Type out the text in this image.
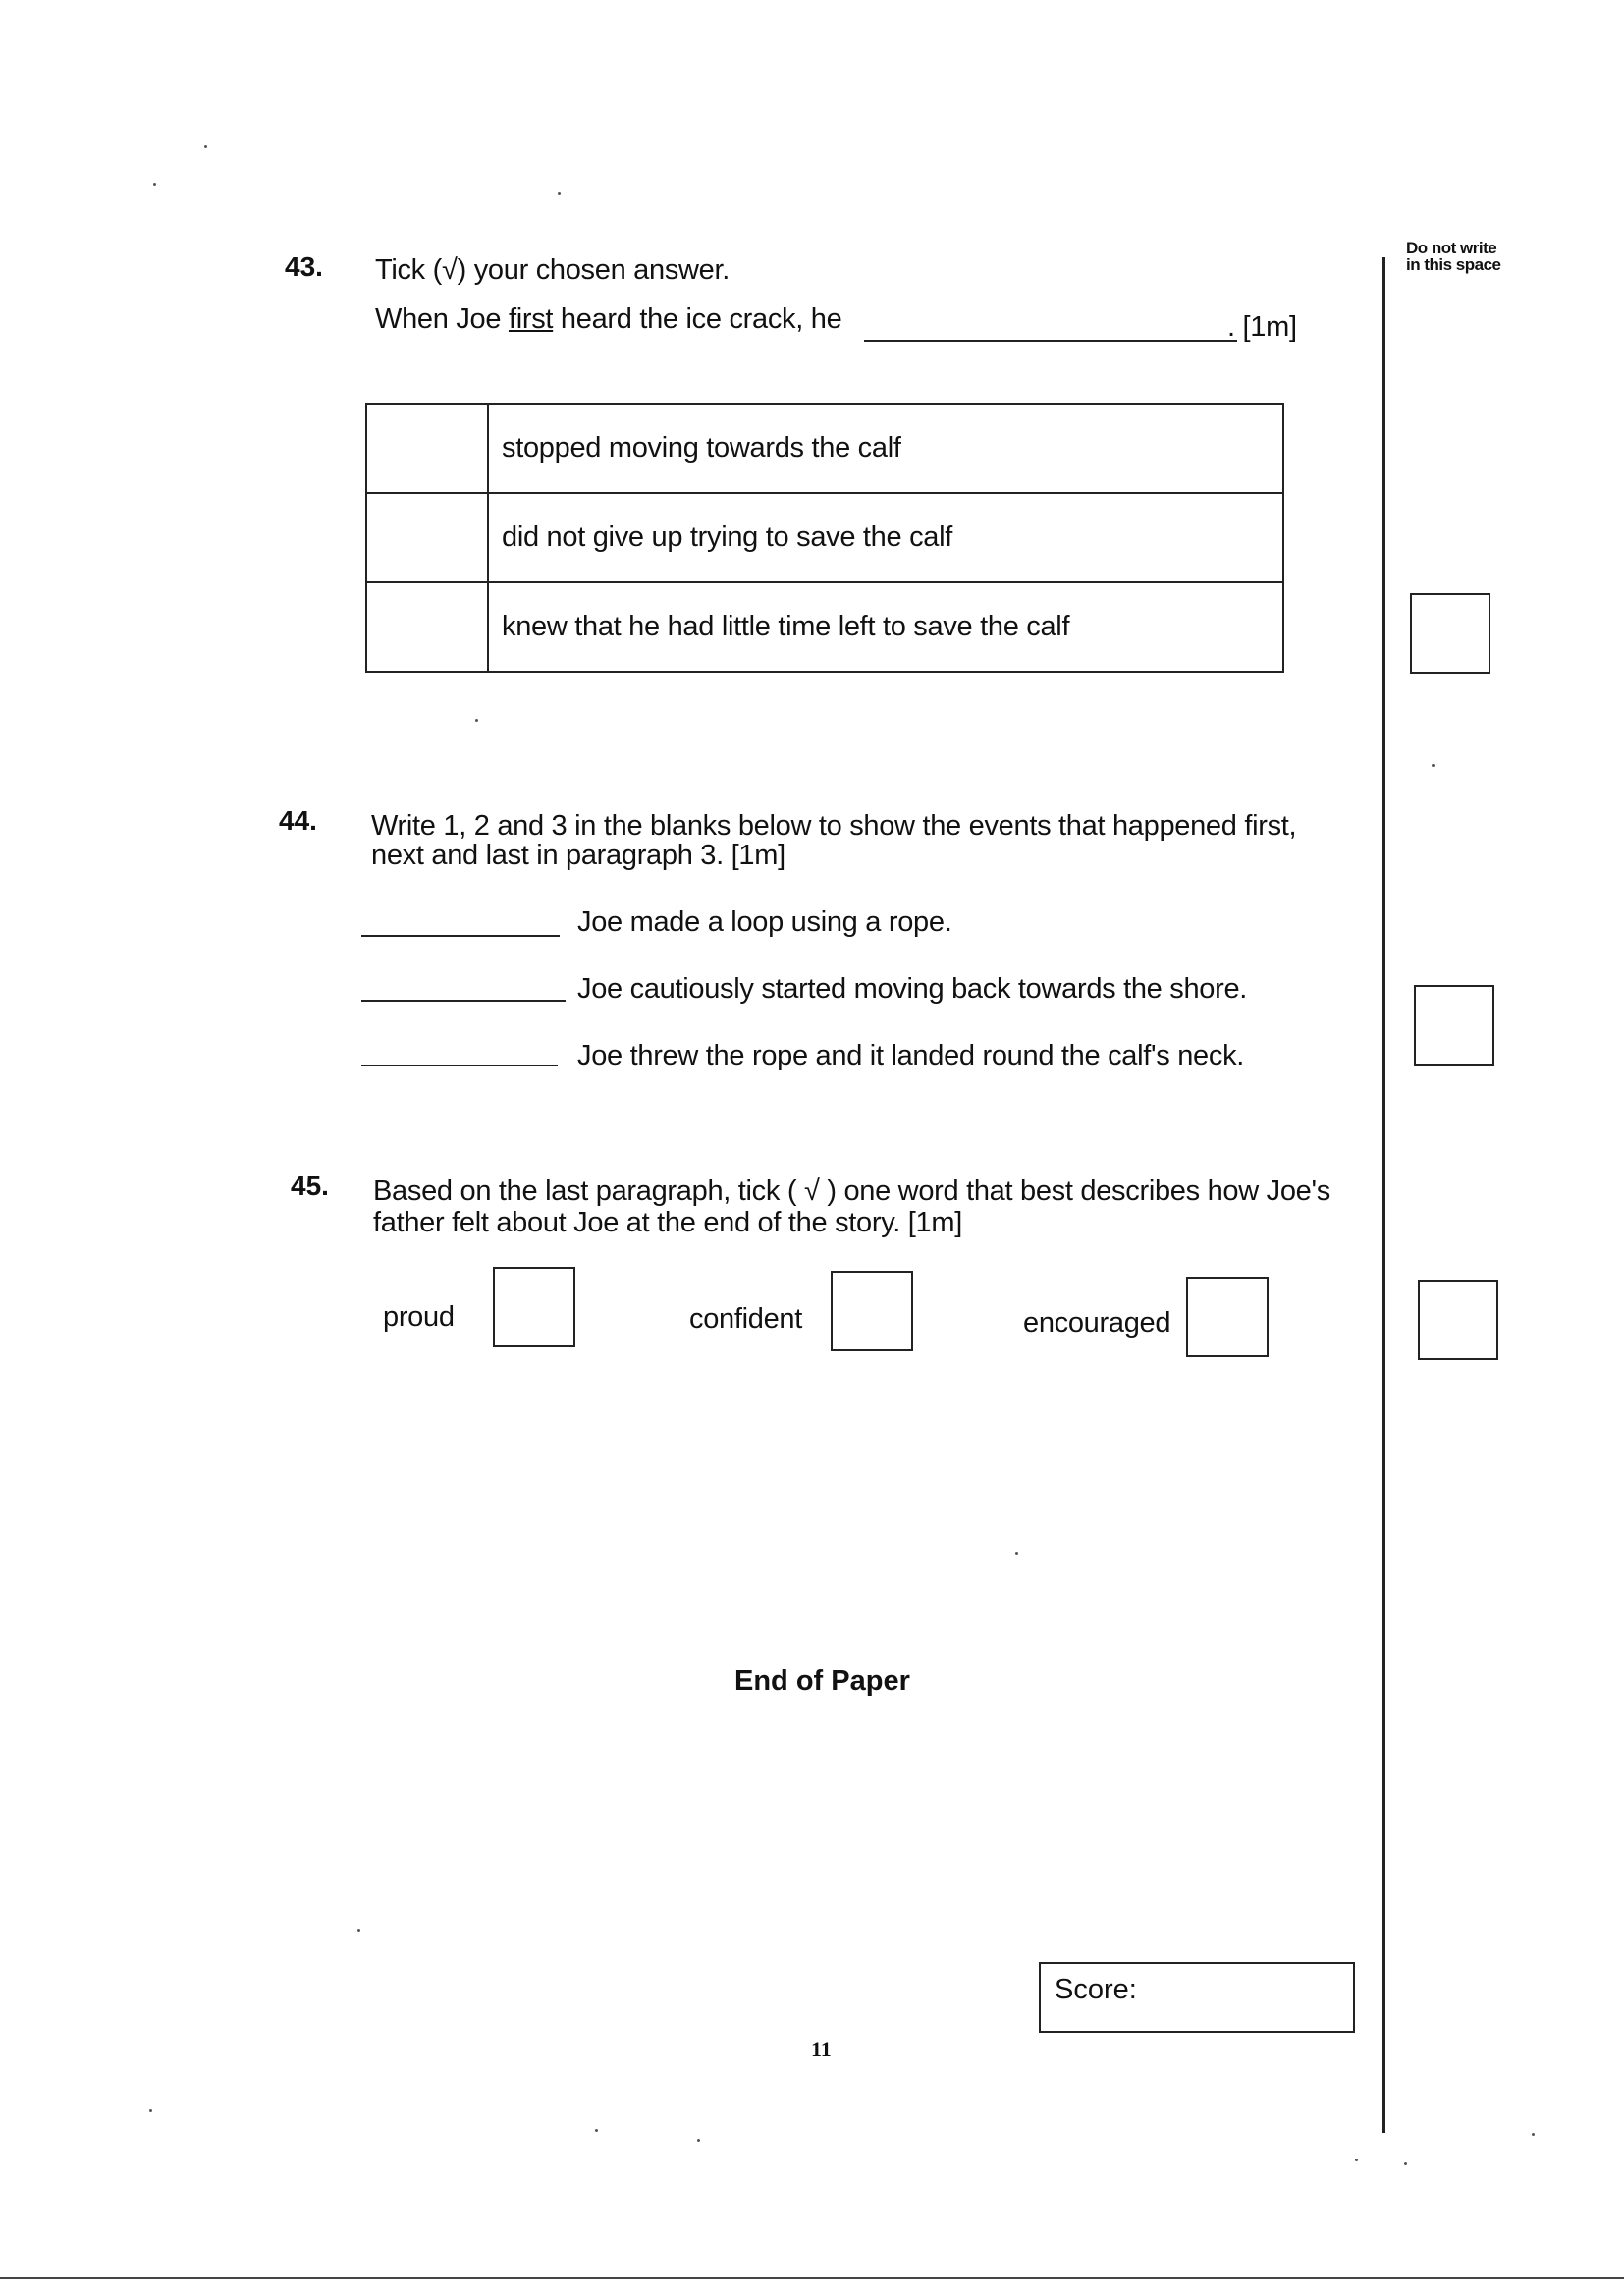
Do not write in this space
43. Tick (√) your chosen answer.
When Joe first heard the ice crack, he	. [1m]
	stopped moving towards the calf
	did not give up trying to save the calf
	knew that he had little time left to save the calf
44. Write 1, 2 and 3 in the blanks below to show the events that happened first,
next and last in paragraph 3. [1m]
Joe made a loop using a rope.
Joe cautiously started moving back towards the shore.
Joe threw the rope and it landed round the calf's neck.
45. Based on the last paragraph, tick ( √ ) one word that best describes how Joe's
father felt about Joe at the end of the story. [1m]
proud	confident	encouraged
End of Paper
Score:
11
